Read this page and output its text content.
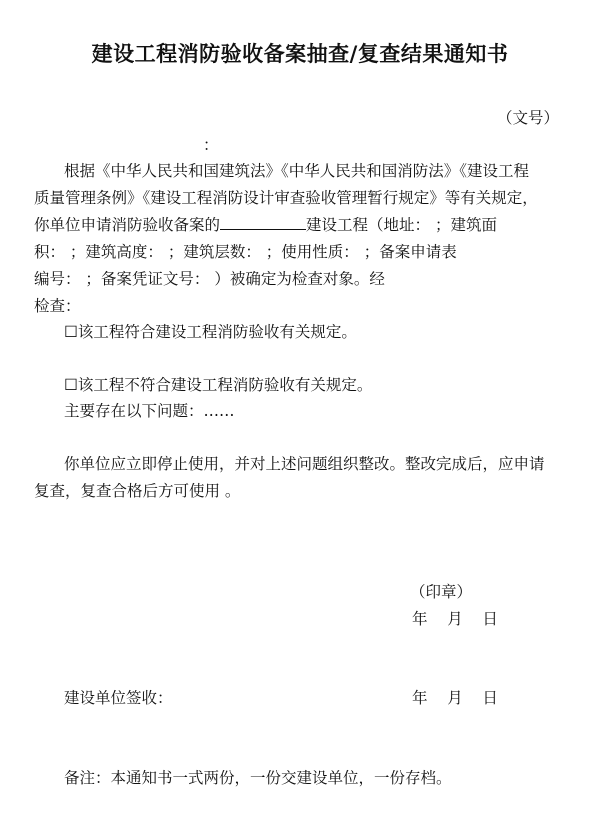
建设工程消防验收备案抽查/复查结果通知书
（文号）
：
根据《中华人民共和国建筑法》《中华人民共和国消防法》《建设工程
质量管理条例》《建设工程消防设计审查验收管理暂行规定》等有关规定，
你单位申请消防验收备案的	建设工程（地址： ；建筑面
积： ；建筑高度： ；建筑层数： ；使用性质： ；备案申请表
编号： ；备案凭证文号： ）被确定为检查对象。经
检查：
☐该工程符合建设工程消防验收有关规定。
☐该工程不符合建设工程消防验收有关规定。
主要存在以下问题：……
你单位应立即停止使用，并对上述问题组织整改。整改完成后，应申请
复查，复查合格后方可使用 。
（印章）
年    月    日
建设单位签收：	年    月    日
备注：本通知书一式两份，一份交建设单位，一份存档。
